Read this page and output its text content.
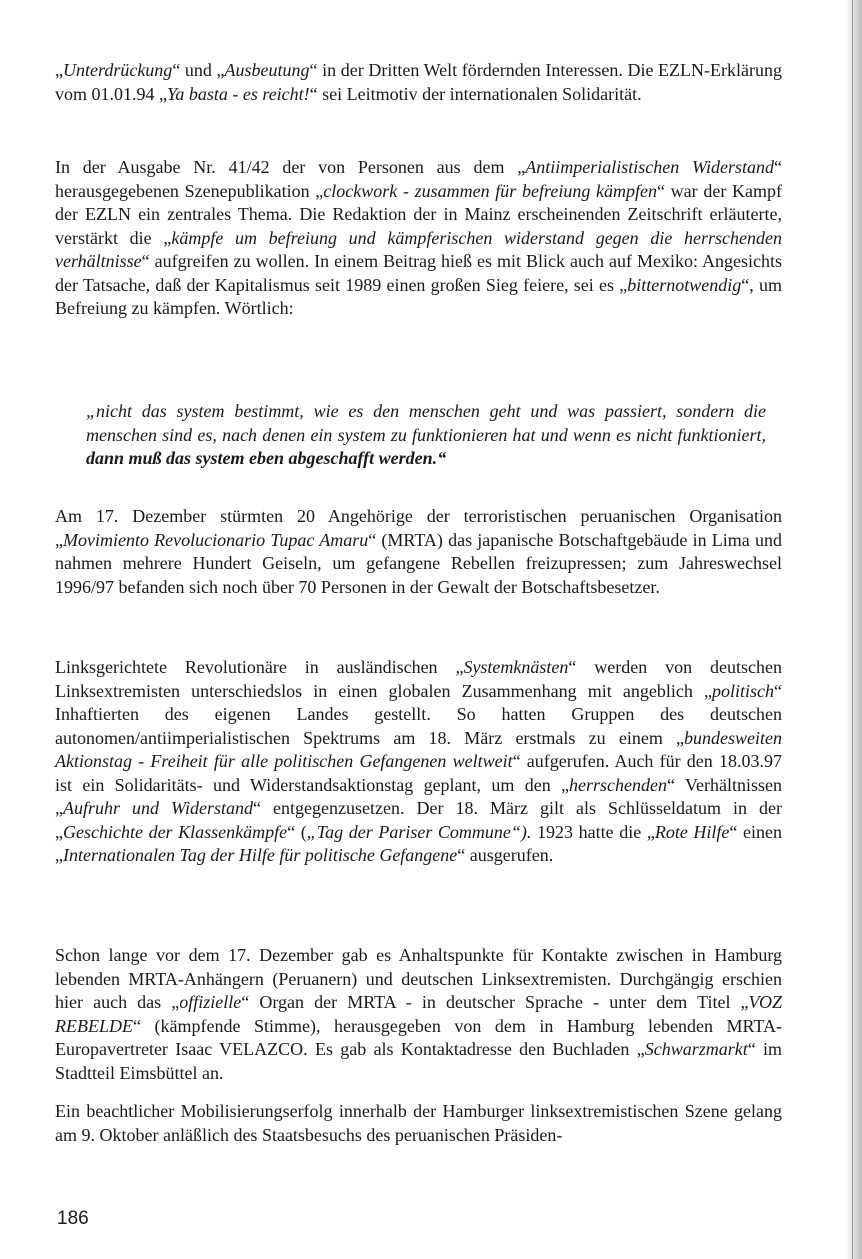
„Unterdrückung“ und „Ausbeutung“ in der Dritten Welt fördernden Interessen. Die EZLN-Erklärung vom 01.01.94 „Ya basta - es reicht!“ sei Leitmotiv der internationalen Solidarität.

In der Ausgabe Nr. 41/42 der von Personen aus dem „Antiimperialistischen Widerstand“ herausgegebenen Szenepublikation „clockwork - zusammen für befreiung kämpfen“ war der Kampf der EZLN ein zentrales Thema. Die Redaktion der in Mainz erscheinenden Zeitschrift erläuterte, verstärkt die „kämpfe um befreiung und kämpferischen widerstand gegen die herrschenden verhältnisse“ aufgreifen zu wollen. In einem Beitrag hieß es mit Blick auch auf Mexiko: Angesichts der Tatsache, daß der Kapitalismus seit 1989 einen großen Sieg feiere, sei es „bitternotwendig“, um Befreiung zu kämpfen. Wörtlich:

„nicht das system bestimmt, wie es den menschen geht und was passiert, sondern die menschen sind es, nach denen ein system zu funktionieren hat und wenn es nicht funktioniert, dann muß das system eben abgeschafft werden.“

Am 17. Dezember stürmten 20 Angehörige der terroristischen peruanischen Organisation „Movimiento Revolucionario Tupac Amaru“ (MRTA) das japanische Botschaftgebäude in Lima und nahmen mehrere Hundert Geiseln, um gefangene Rebellen freizupressen; zum Jahreswechsel 1996/97 befanden sich noch über 70 Personen in der Gewalt der Botschaftsbesetzer.

Linksgerichtete Revolutionäre in ausländischen „Systemknästen“ werden von deutschen Linksextremisten unterschiedslos in einen globalen Zusammenhang mit angeblich „politisch“ Inhaftierten des eigenen Landes gestellt. So hatten Gruppen des deutschen autonomen/antiimperialistischen Spektrums am 18. März erstmals zu einem „bundesweiten Aktionstag - Freiheit für alle politischen Gefangenen weltweit“ aufgerufen. Auch für den 18.03.97 ist ein Solidaritäts- und Widerstandsaktionstag geplant, um den „herrschenden“ Verhältnissen „Aufruhr und Widerstand“ entgegenzusetzen. Der 18. März gilt als Schlüsseldatum in der „Geschichte der Klassenkämpfe“ („Tag der Pariser Commune“). 1923 hatte die „Rote Hilfe“ einen „Internationalen Tag der Hilfe für politische Gefangene“ ausgerufen.

Schon lange vor dem 17. Dezember gab es Anhaltspunkte für Kontakte zwischen in Hamburg lebenden MRTA-Anhängern (Peruanern) und deutschen Linksextremisten. Durchgängig erschien hier auch das „offizielle“ Organ der MRTA - in deutscher Sprache - unter dem Titel „VOZ REBELDE“ (kämpfende Stimme), herausgegeben von dem in Hamburg lebenden MRTA-Europavertreter Isaac VELAZCO. Es gab als Kontaktadresse den Buchladen „Schwarzmarkt“ im Stadtteil Eimsbüttel an.

Ein beachtlicher Mobilisierungserfolg innerhalb der Hamburger linksextremistischen Szene gelang am 9. Oktober anläßlich des Staatsbesuchs des peruanischen Präsiden-

186
